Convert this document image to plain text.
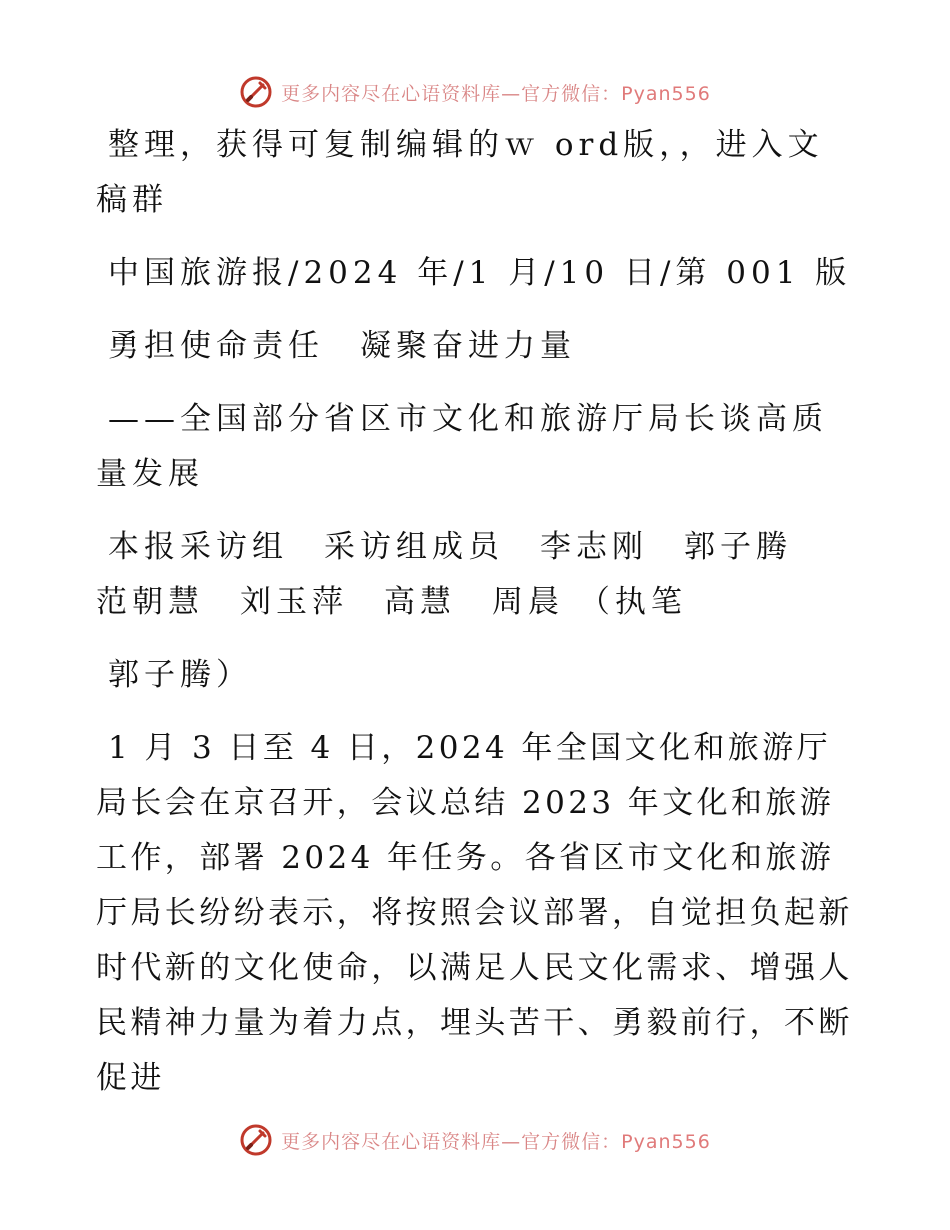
更多内容尽在心语资料库—官方微信：Pyan556

整理，获得可复制编辑的ｗ ord版，，进入文稿群

中国旅游报/2024 年/1 月/10 日/第 001 版

勇担使命责任　凝聚奋进力量

——全国部分省区市文化和旅游厅局长谈高质量发展

本报采访组　采访组成员　李志刚　郭子腾　范朝慧　刘玉萍　高慧　周晨 （执笔

郭子腾）

1 月 3 日至 4 日，2024 年全国文化和旅游厅局长会在京召开，会议总结 2023 年文化和旅游工作，部署 2024 年任务。各省区市文化和旅游厅局长纷纷表示，将按照会议部署，自觉担负起新时代新的文化使命，以满足人民文化需求、增强人民精神力量为着力点，埋头苦干、勇毅前行，不断促进

更多内容尽在心语资料库—官方微信：Pyan556
